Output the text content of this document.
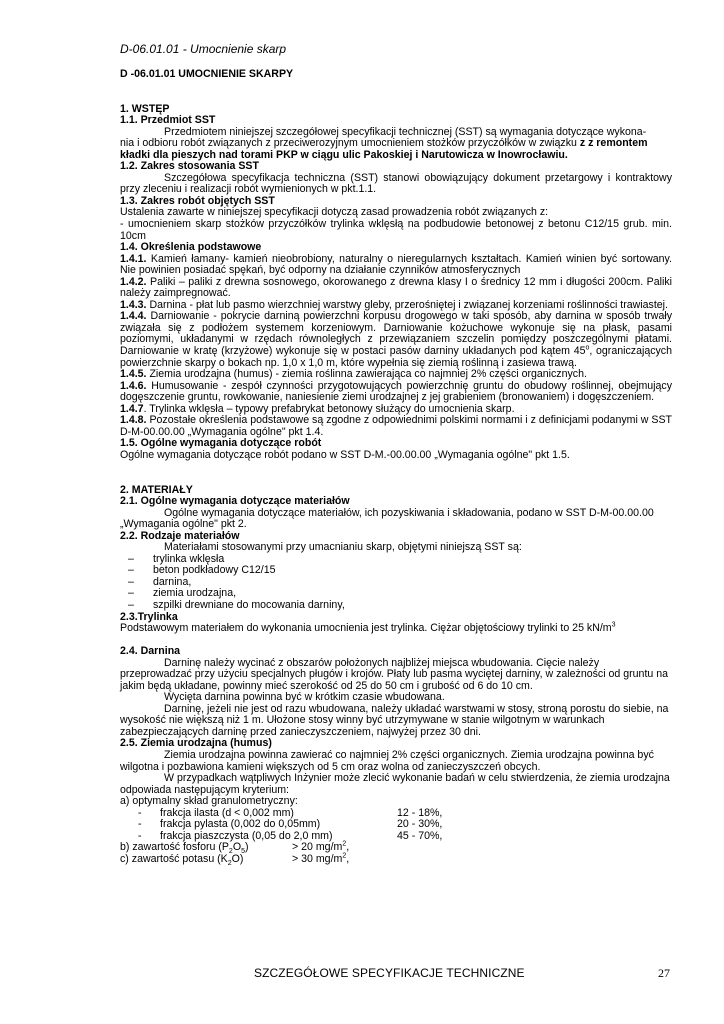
D-06.01.01 - Umocnienie skarp

D -06.01.01 UMOCNIENIE SKARPY

1. WSTĘP

1.1. Przedmiot SST

Przedmiotem niniejszej szczegółowej specyfikacji technicznej (SST) są wymagania dotyczące wykona-

nia i odbioru robót związanych z przeciwerozyjnym umocnieniem stożków przyczółków w związku z z remontem

kładki dla pieszych nad torami PKP w ciągu ulic Pakoskiej i Narutowicza w Inowrocławiu.

1.2. Zakres stosowania SST

Szczegółowa specyfikacja techniczna (SST) stanowi obowiązujący dokument przetargowy i kontraktowy przy zleceniu i realizacji robót wymienionych w pkt.1.1.

1.3. Zakres robót objętych SST

Ustalenia zawarte w niniejszej specyfikacji dotyczą zasad prowadzenia robót związanych z:

- umocnieniem skarp stożków przyczółków trylinka wklęsłą na podbudowie betonowej z betonu C12/15 grub. min. 10cm

1.4. Określenia podstawowe

1.4.1. Kamień łamany- kamień nieobrobiony, naturalny o nieregularnych kształtach. Kamień winien być sortowany. Nie powinien posiadać spękań, być odporny na działanie czynników atmosferycznych

1.4.2. Paliki – paliki z drewna sosnowego, okorowanego z drewna klasy I o średnicy 12 mm i długości 200cm. Paliki należy zaimpregnować.

1.4.3. Darnina - płat lub pasmo wierzchniej warstwy gleby, przerośniętej i związanej korzeniami roślinności trawiastej.

1.4.4. Darniowanie - pokrycie darniną powierzchni korpusu drogowego w taki sposób, aby darnina w sposób trwały związała się z podłożem systemem korzeniowym. Darniowanie kożuchowe wykonuje się na płask, pasami poziomymi, układanymi w rzędach równoległych z przewiązaniem szczelin pomiędzy poszczególnymi płatami. Darniowanie w kratę (krzyżowe) wykonuje się w postaci pasów darniny układanych pod kątem 45$^o$, ograniczających powierzchnie skarpy o bokach np. 1,0 x 1,0 m, które wypełnia się ziemią roślinną i zasiewa trawą.

1.4.5. Ziemia urodzajna (humus) - ziemia roślinna zawierająca co najmniej 2% części organicznych.

1.4.6. Humusowanie - zespół czynności przygotowujących powierzchnię gruntu do obudowy roślinnej, obejmujący dogęszczenie gruntu, rowkowanie, naniesienie ziemi urodzajnej z jej grabieniem (bronowaniem) i dogęszczeniem.

1.4.7. Trylinka wklęsła – typowy prefabrykat betonowy służący do umocnienia skarp.

1.4.8. Pozostałe określenia podstawowe są zgodne z odpowiednimi polskimi normami i z definicjami podanymi w SST D-M-00.00.00 „Wymagania ogólne" pkt 1.4.

1.5. Ogólne wymagania dotyczące robót

Ogólne wymagania dotyczące robót podano w SST D-M.-00.00.00 „Wymagania ogólne" pkt 1.5.

2. MATERIAŁY

2.1. Ogólne wymagania dotyczące materiałów

Ogólne wymagania dotyczące materiałów, ich pozyskiwania i składowania, podano w SST D-M-00.00.00

„Wymagania ogólne" pkt 2.

2.2. Rodzaje materiałów

Materiałami stosowanymi przy umacnianiu skarp, objętymi niniejszą SST są:

– trylinka wklęsła

– beton podkładowy C12/15

– darnina,

– ziemia urodzajna,

– szpilki drewniane do mocowania darniny,

2.3.Trylinka

Podstawowym materiałem do wykonania umocnienia jest trylinka. Ciężar objętościowy trylinki to 25 $kN/m^3$

2.4. Darnina

Darninę należy wycinać z obszarów położonych najbliżej miejsca wbudowania. Cięcie należy przeprowadzać przy użyciu specjalnych pługów i krojów. Płaty lub pasma wyciętej darniny, w zależności od gruntu na jakim będą układane, powinny mieć szerokość od 25 do 50 cm i grubość od 6 do 10 cm.

Wycięta darnina powinna być w krótkim czasie wbudowana.

Darninę, jeżeli nie jest od razu wbudowana, należy układać warstwami w stosy, stroną porostu do siebie, na wysokość nie większą niż 1 m. Ułożone stosy winny być utrzymywane w stanie wilgotnym w warunkach zabezpieczających darninę przed zanieczyszczeniem, najwyżej przez 30 dni.

2.5. Ziemia urodzajna (humus)

Ziemia urodzajna powinna zawierać co najmniej 2% części organicznych. Ziemia urodzajna powinna być wilgotna i pozbawiona kamieni większych od 5 cm oraz wolna od zanieczyszczeń obcych.

W przypadkach wątpliwych Inżynier może zlecić wykonanie badań w celu stwierdzenia, że ziemia urodzajna odpowiada następującym kryterium:

a) optymalny skład granulometryczny:

-	frakcja ilasta (d < 0,002 mm)	12 - 18%,
-	frakcja pylasta (0,002 do 0,05mm)	20 - 30%,
-	frakcja piaszczysta (0,05 do 2,0 mm)	45 - 70%,
b) zawartość fosforu $(P_2O_5)$	> 20 $mg/m^2$,
c) zawartość potasu $(K_2O)$	> 30 $mg/m^2$,
SZCZEGÓŁOWE SPECYFIKACJE TECHNICZNE	27
